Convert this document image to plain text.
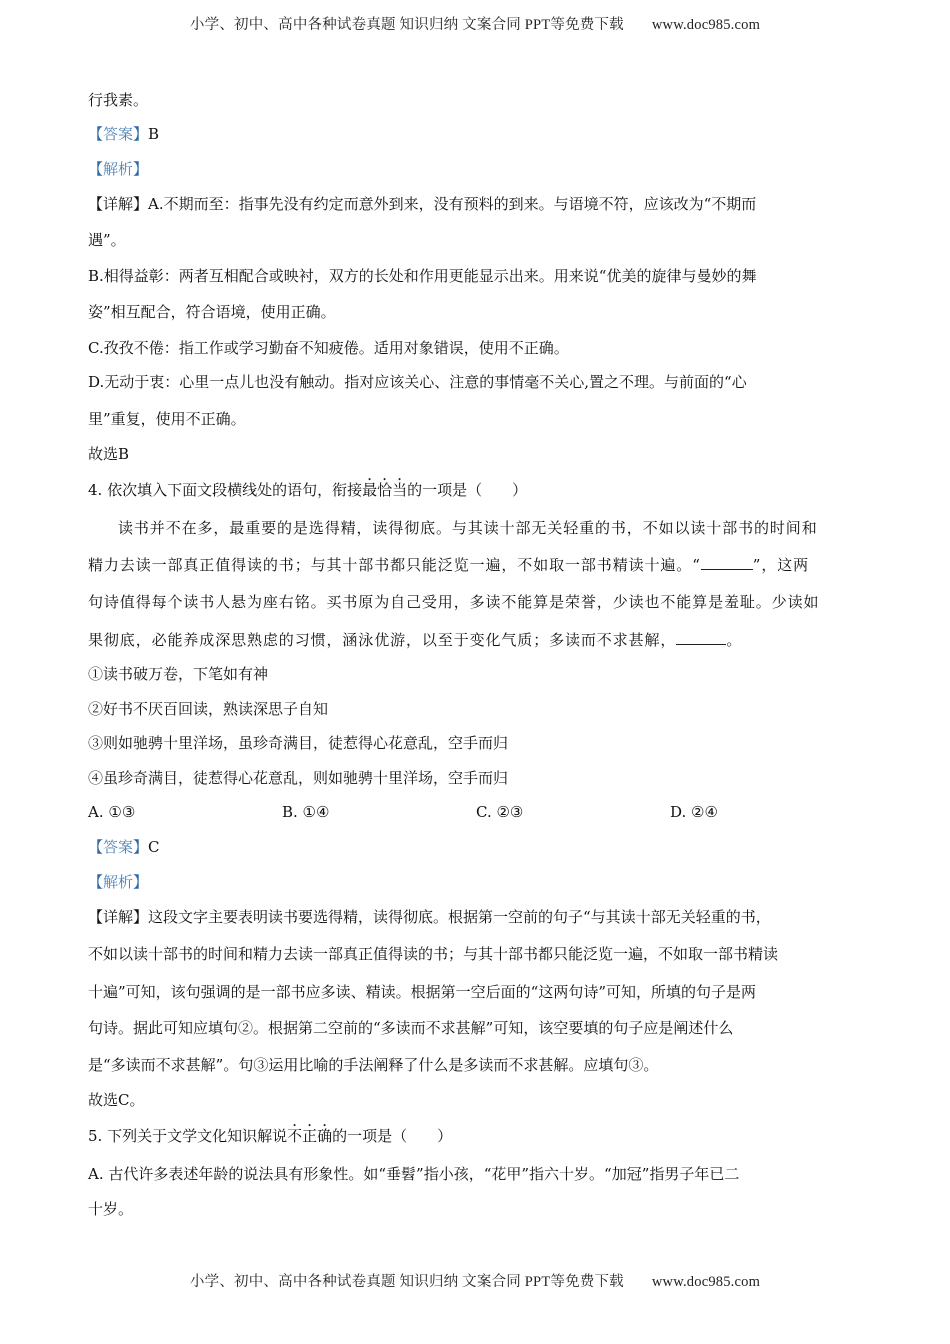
小学、初中、高中各种试卷真题 知识归纳 文案合同 PPT等免费下载 www.doc985.com
行我素。
【答案】B
【解析】
【详解】A.不期而至：指事先没有约定而意外到来，没有预料的到来。与语境不符，应该改为“不期而
遇”。
B.相得益彰：两者互相配合或映衬，双方的长处和作用更能显示出来。用来说“优美的旋律与曼妙的舞
姿”相互配合，符合语境，使用正确。
C.孜孜不倦：指工作或学习勤奋不知疲倦。适用对象错误，使用不正确。
D.无动于衷：心里一点儿也没有触动。指对应该关心、注意的事情毫不关心,置之不理。与前面的“心
里”重复，使用不正确。
故选B
4. 依次填入下面文段横线处的语句，衔接最恰当的一项是（　　）
读书并不在多，最重要的是选得精，读得彻底。与其读十部无关轻重的书，不如以读十部书的时间和
精力去读一部真正值得读的书；与其十部书都只能泛览一遍，不如取一部书精读十遍。“	”，这两
句诗值得每个读书人悬为座右铭。买书原为自己受用，多读不能算是荣誉，少读也不能算是羞耻。少读如
果彻底，必能养成深思熟虑的习惯，涵泳优游，以至于变化气质；多读而不求甚解，	。
①读书破万卷，下笔如有神
②好书不厌百回读，熟读深思子自知
③则如驰骋十里洋场，虽珍奇满目，徒惹得心花意乱，空手而归
④虽珍奇满目，徒惹得心花意乱，则如驰骋十里洋场，空手而归
A. ①③	B. ①④	C. ②③	D. ②④
【答案】C
【解析】
【详解】这段文字主要表明读书要选得精，读得彻底。根据第一空前的句子“与其读十部无关轻重的书，
不如以读十部书的时间和精力去读一部真正值得读的书；与其十部书都只能泛览一遍，不如取一部书精读
十遍”可知，该句强调的是一部书应多读、精读。根据第一空后面的“这两句诗”可知，所填的句子是两
句诗。据此可知应填句②。根据第二空前的“多读而不求甚解”可知，该空要填的句子应是阐述什么
是“多读而不求甚解”。句③运用比喻的手法阐释了什么是多读而不求甚解。应填句③。
故选C。
5. 下列关于文学文化知识解说不正确的一项是（　　）
A. 古代许多表述年龄的说法具有形象性。如“垂髫”指小孩，“花甲”指六十岁。“加冠”指男子年已二
十岁。
小学、初中、高中各种试卷真题 知识归纳 文案合同 PPT等免费下载 www.doc985.com
